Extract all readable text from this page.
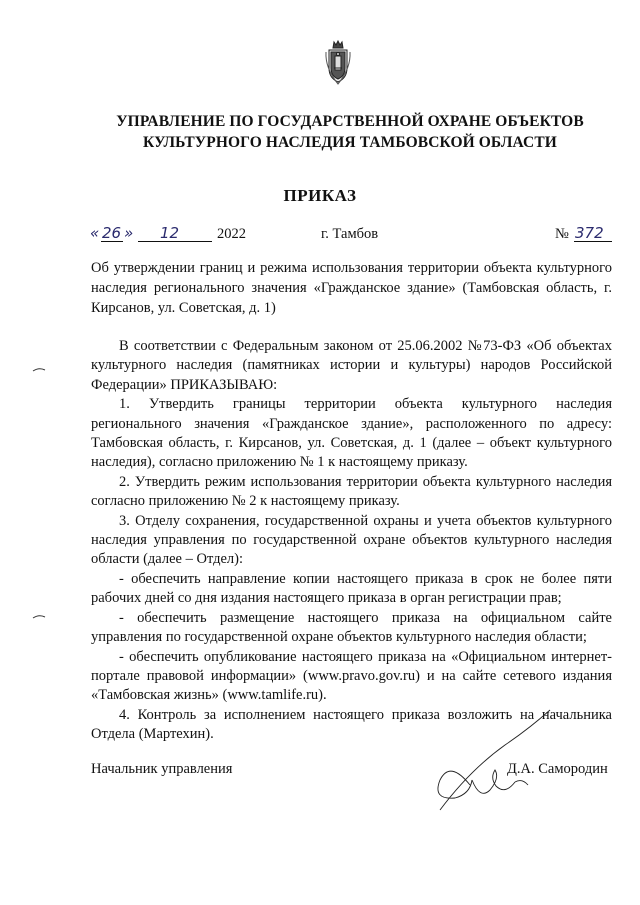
УПРАВЛЕНИЕ ПО ГОСУДАРСТВЕННОЙ ОХРАНЕ ОБЪЕКТОВ
КУЛЬТУРНОГО НАСЛЕДИЯ ТАМБОВСКОЙ ОБЛАСТИ
ПРИКАЗ
« 26 » 12	2022	г. Тамбов	№ 372
Об утверждении границ и режима использования территории объекта культурного наследия регионального значения «Гражданское здание» (Тамбовская область, г. Кирсанов, ул. Советская, д. 1)

В соответствии с Федеральным законом от 25.06.2002 №73-ФЗ «Об объектах культурного наследия (памятниках истории и культуры) народов Российской Федерации» ПРИКАЗЫВАЮ:

1. Утвердить границы территории объекта культурного наследия регионального значения «Гражданское здание», расположенного по адресу: Тамбовская область, г. Кирсанов, ул. Советская, д. 1 (далее – объект культурного наследия), согласно приложению № 1 к настоящему приказу.

2. Утвердить режим использования территории объекта культурного наследия согласно приложению № 2 к настоящему приказу.

3. Отделу сохранения, государственной охраны и учета объектов культурного наследия управления по государственной охране объектов культурного наследия области (далее – Отдел):

- обеспечить направление копии настоящего приказа в срок не более пяти рабочих дней со дня издания настоящего приказа в орган регистрации прав;

- обеспечить размещение настоящего приказа на официальном сайте управления по государственной охране объектов культурного наследия области;

- обеспечить опубликование настоящего приказа на «Официальном интернет-портале правовой информации» (www.pravo.gov.ru) и на сайте сетевого издания «Тамбовская жизнь» (www.tamlife.ru).

4. Контроль за исполнением настоящего приказа возложить на начальника Отдела (Мартехин).

Начальник управления	Д.А. Самородин
